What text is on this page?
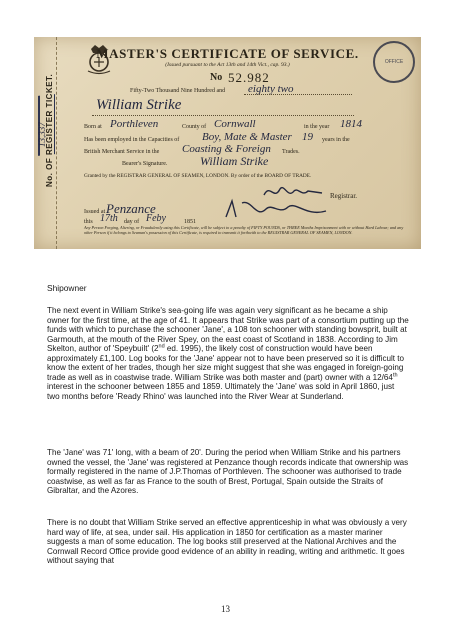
No. OF REGISTER TICKET.
13,337
OFFICE
MASTER'S CERTIFICATE OF SERVICE.
(Issued pursuant to the Act 13th and 14th Vict., cap. 93.)
No 52.982
Fifty-Two Thousand Nine Hundred and eighty two
William Strike
Born at Porthleven	County of Cornwall	in the year 1814
Has been employed in the Capacities of Boy, Mate & Master 19 years in the
British Merchant Service in the Coasting & Foreign Trades.
Bearer's Signature.	William Strike
Granted by the REGISTRAR GENERAL OF SEAMEN, LONDON. By order of the BOARD OF TRADE.
Registrar.
Issued at Penzance
this 17th day of Feby	1851
Any Person Forging, Altering, or Fraudulently using this Certificate, will be subject to a penalty of FIFTY POUNDS, or THREE Months Imprisonment with or without Hard Labour; and any other Person if it belongs to Seaman's possession of this Certificate, is required to transmit it forthwith to the REGISTRAR GENERAL OF SEAMEN, LONDON.
Shipowner

The next event in William Strike's sea-going life was again very significant as he became a ship owner for the first time, at the age of 41. It appears that Strike was part of a consortium putting up the funds with which to purchase the schooner 'Jane', a 108 ton schooner with standing bowsprit, built at Garmouth, at the mouth of the River Spey, on the east coast of Scotland in 1838. According to Jim Skelton, author of 'Speybuilt' (2nd ed. 1995), the likely cost of construction would have been approximately £1,100. Log books for the 'Jane' appear not to have been preserved so it is difficult to know the extent of her trades, though her size might suggest that she was engaged in foreign-going trade as well as in coastwise trade. William Strike was both master and (part) owner with a 12/64th interest in the schooner between 1855 and 1859. Ultimately the 'Jane' was sold in April 1860, just two months before 'Ready Rhino' was launched into the River Wear at Sunderland.

The 'Jane' was 71' long, with a beam of 20'. During the period when William Strike and his partners owned the vessel, the 'Jane' was registered at Penzance though records indicate that ownership was formally registered in the name of J.P.Thomas of Porthleven. The schooner was authorised to trade coastwise, as well as far as France to the south of Brest, Portugal, Spain outside the Straits of Gibraltar, and the Azores.

There is no doubt that William Strike served an effective apprenticeship in what was obviously a very hard way of life, at sea, under sail. His application in 1850 for certification as a master mariner suggests a man of some education. The log books still preserved at the National Archives and the Cornwall Record Office provide good evidence of an ability in reading, writing and arithmetic. It goes without saying that

13
